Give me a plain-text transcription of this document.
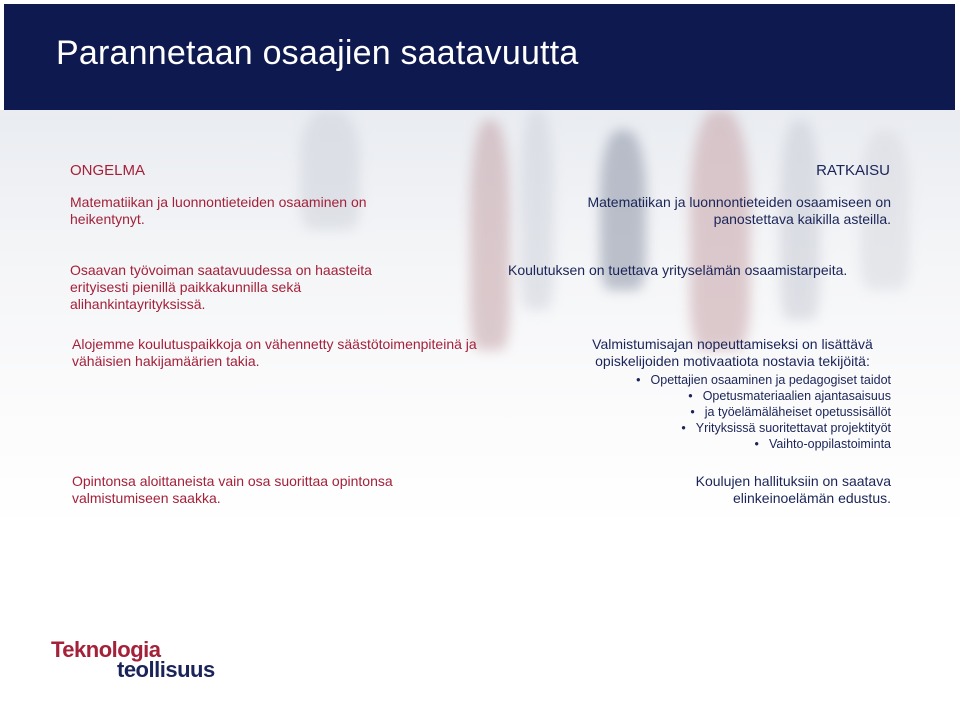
Parannetaan osaajien saatavuutta

ONGELMA

Matematiikan ja luonnontieteiden osaaminen on heikentynyt.

Osaavan työvoiman saatavuudessa on haasteita erityisesti pienillä paikkakunnilla sekä alihankintayrityksissä.

Alojemme koulutuspaikkoja on vähennetty säästötoimenpiteinä ja vähäisien hakijamäärien takia.

Opintonsa aloittaneista vain osa suorittaa opintonsa valmistumiseen saakka.

RATKAISU

Matematiikan ja luonnontieteiden osaamiseen on panostettava kaikilla asteilla.

Koulutuksen on tuettava yrityselämän osaamistarpeita.

Valmistumisajan nopeuttamiseksi on lisättävä opiskelijoiden motivaatiota nostavia tekijöitä:

• Opettajien osaaminen ja pedagogiset taidot
• Opetusmateriaalien ajantasaisuus
• ja työelämäläheiset opetussisällöt
• Yrityksissä suoritettavat projektityöt
• Vaihto-oppilastoiminta

Koulujen hallituksiin on saatava elinkeinoelämän edustus.

Teknologia
teollisuus
